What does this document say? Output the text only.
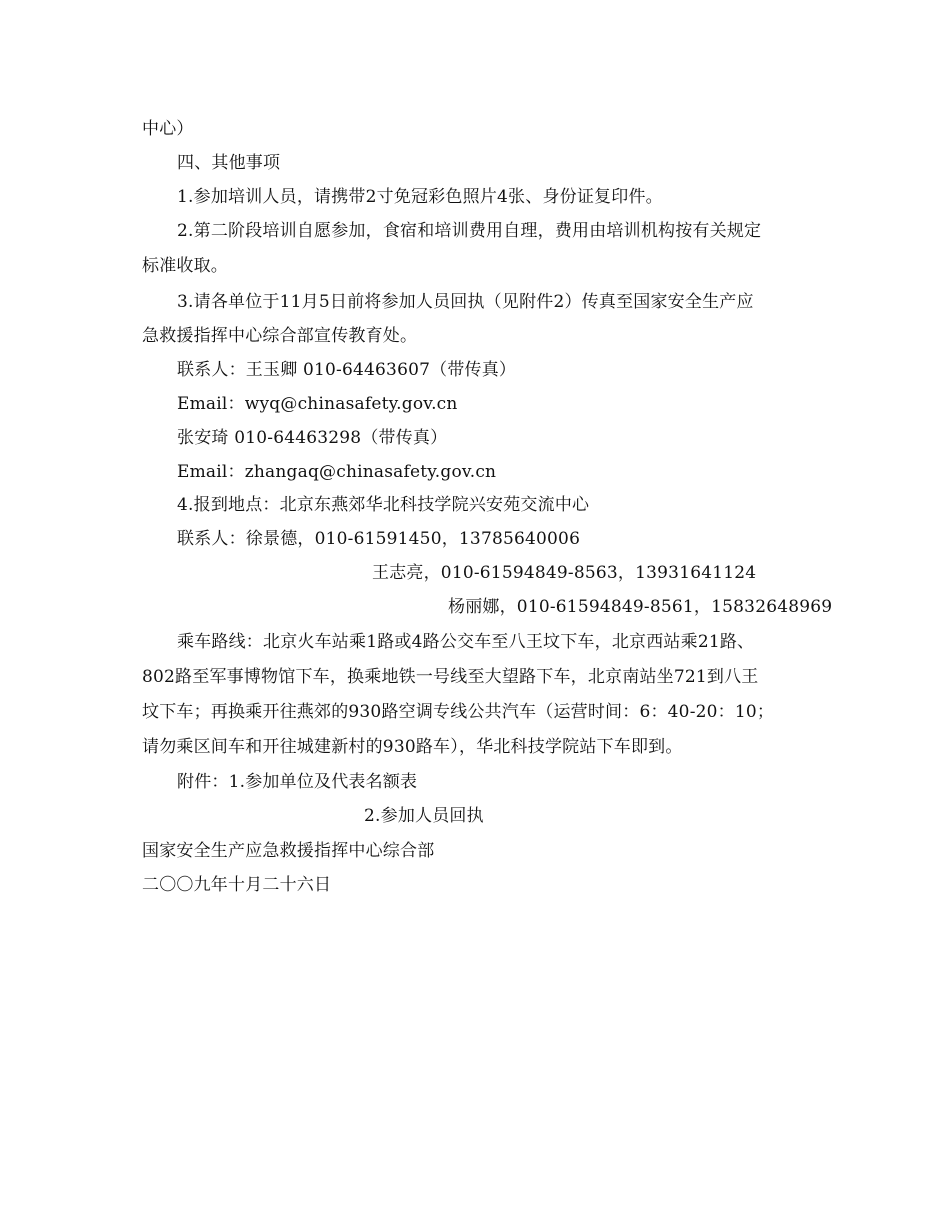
中心）
四、其他事项
1.参加培训人员，请携带2寸免冠彩色照片4张、身份证复印件。
2.第二阶段培训自愿参加，食宿和培训费用自理，费用由培训机构按有关规定
标准收取。
3.请各单位于11月5日前将参加人员回执（见附件2）传真至国家安全生产应
急救援指挥中心综合部宣传教育处。
联系人：王玉卿 010-64463607（带传真）
Email：wyq@chinasafety.gov.cn
张安琦 010-64463298（带传真）
Email：zhangaq@chinasafety.gov.cn
4.报到地点：北京东燕郊华北科技学院兴安苑交流中心
联系人：徐景德，010-61591450，13785640006
王志亮，010-61594849-8563，13931641124
杨丽娜，010-61594849-8561，15832648969
乘车路线：北京火车站乘1路或4路公交车至八王坟下车，北京西站乘21路、
802路至军事博物馆下车，换乘地铁一号线至大望路下车，北京南站坐721到八王
坟下车；再换乘开往燕郊的930路空调专线公共汽车（运营时间：6：40-20：10；
请勿乘区间车和开往城建新村的930路车），华北科技学院站下车即到。
附件：1.参加单位及代表名额表
2.参加人员回执
国家安全生产应急救援指挥中心综合部
二〇〇九年十月二十六日
